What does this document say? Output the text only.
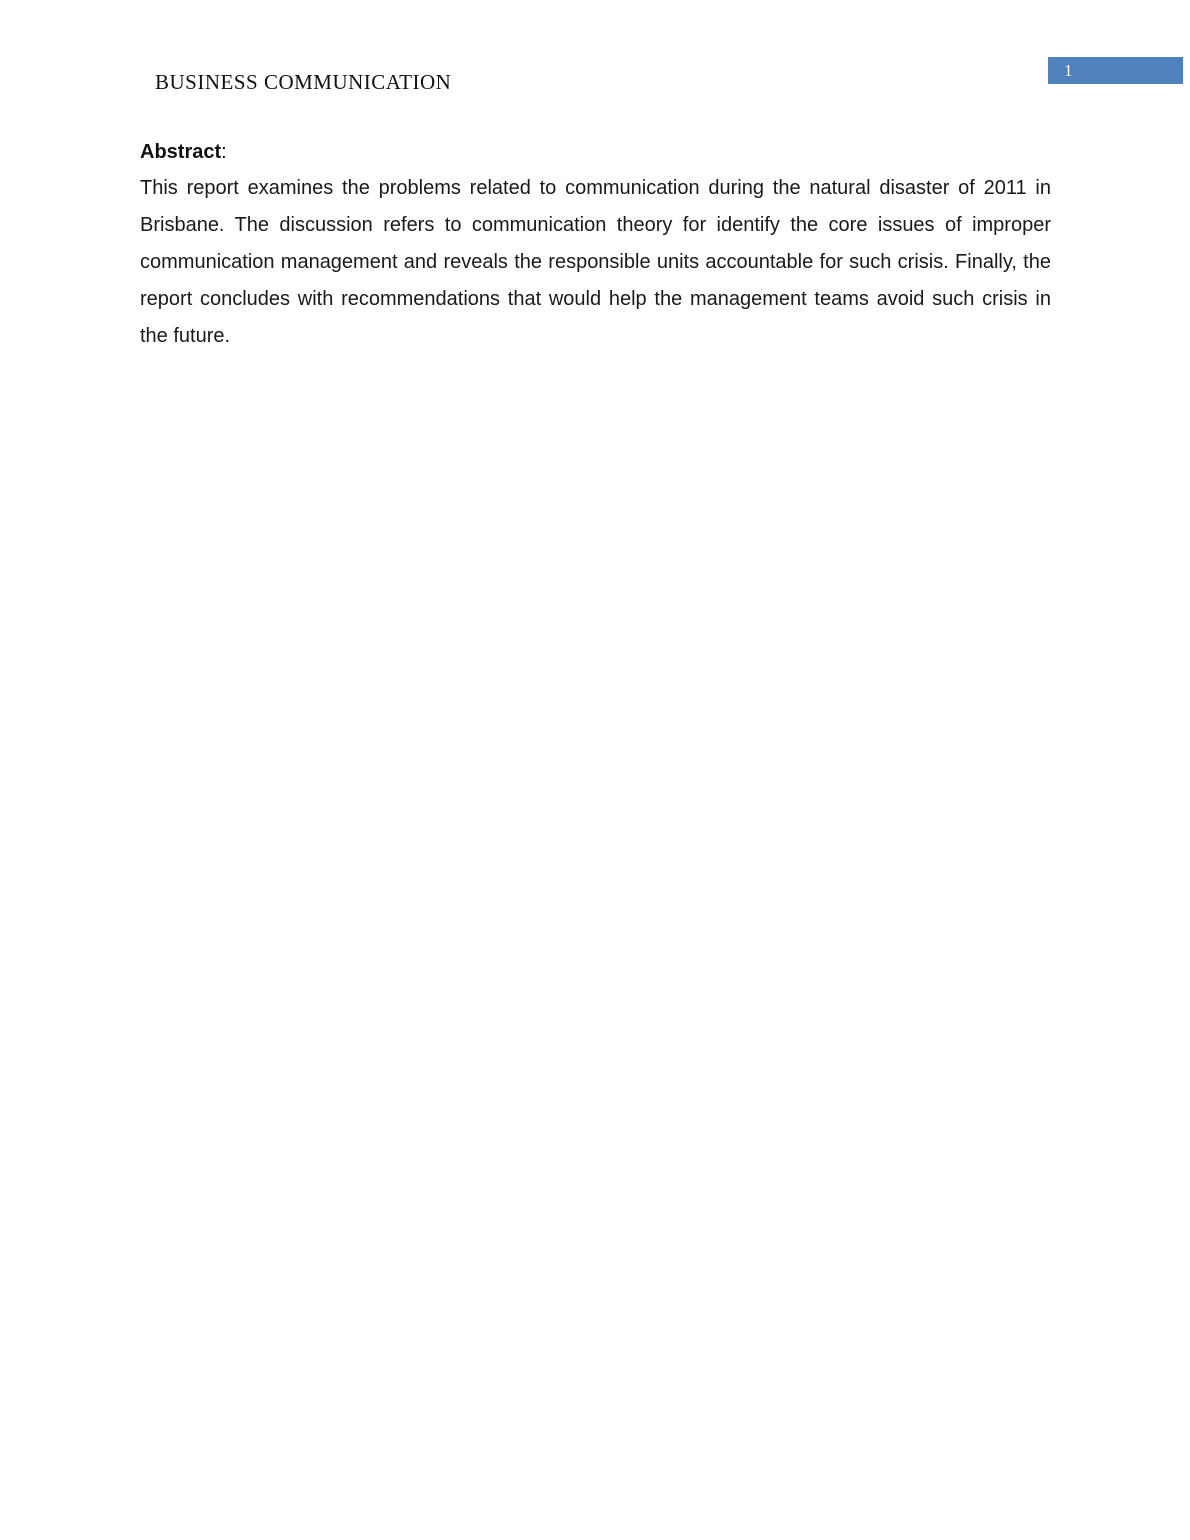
BUSINESS COMMUNICATION	1
Abstract:

This report examines the problems related to communication during the natural disaster of 2011 in Brisbane. The discussion refers to communication theory for identify the core issues of improper communication management and reveals the responsible units accountable for such crisis. Finally, the report concludes with recommendations that would help the management teams avoid such crisis in the future.
